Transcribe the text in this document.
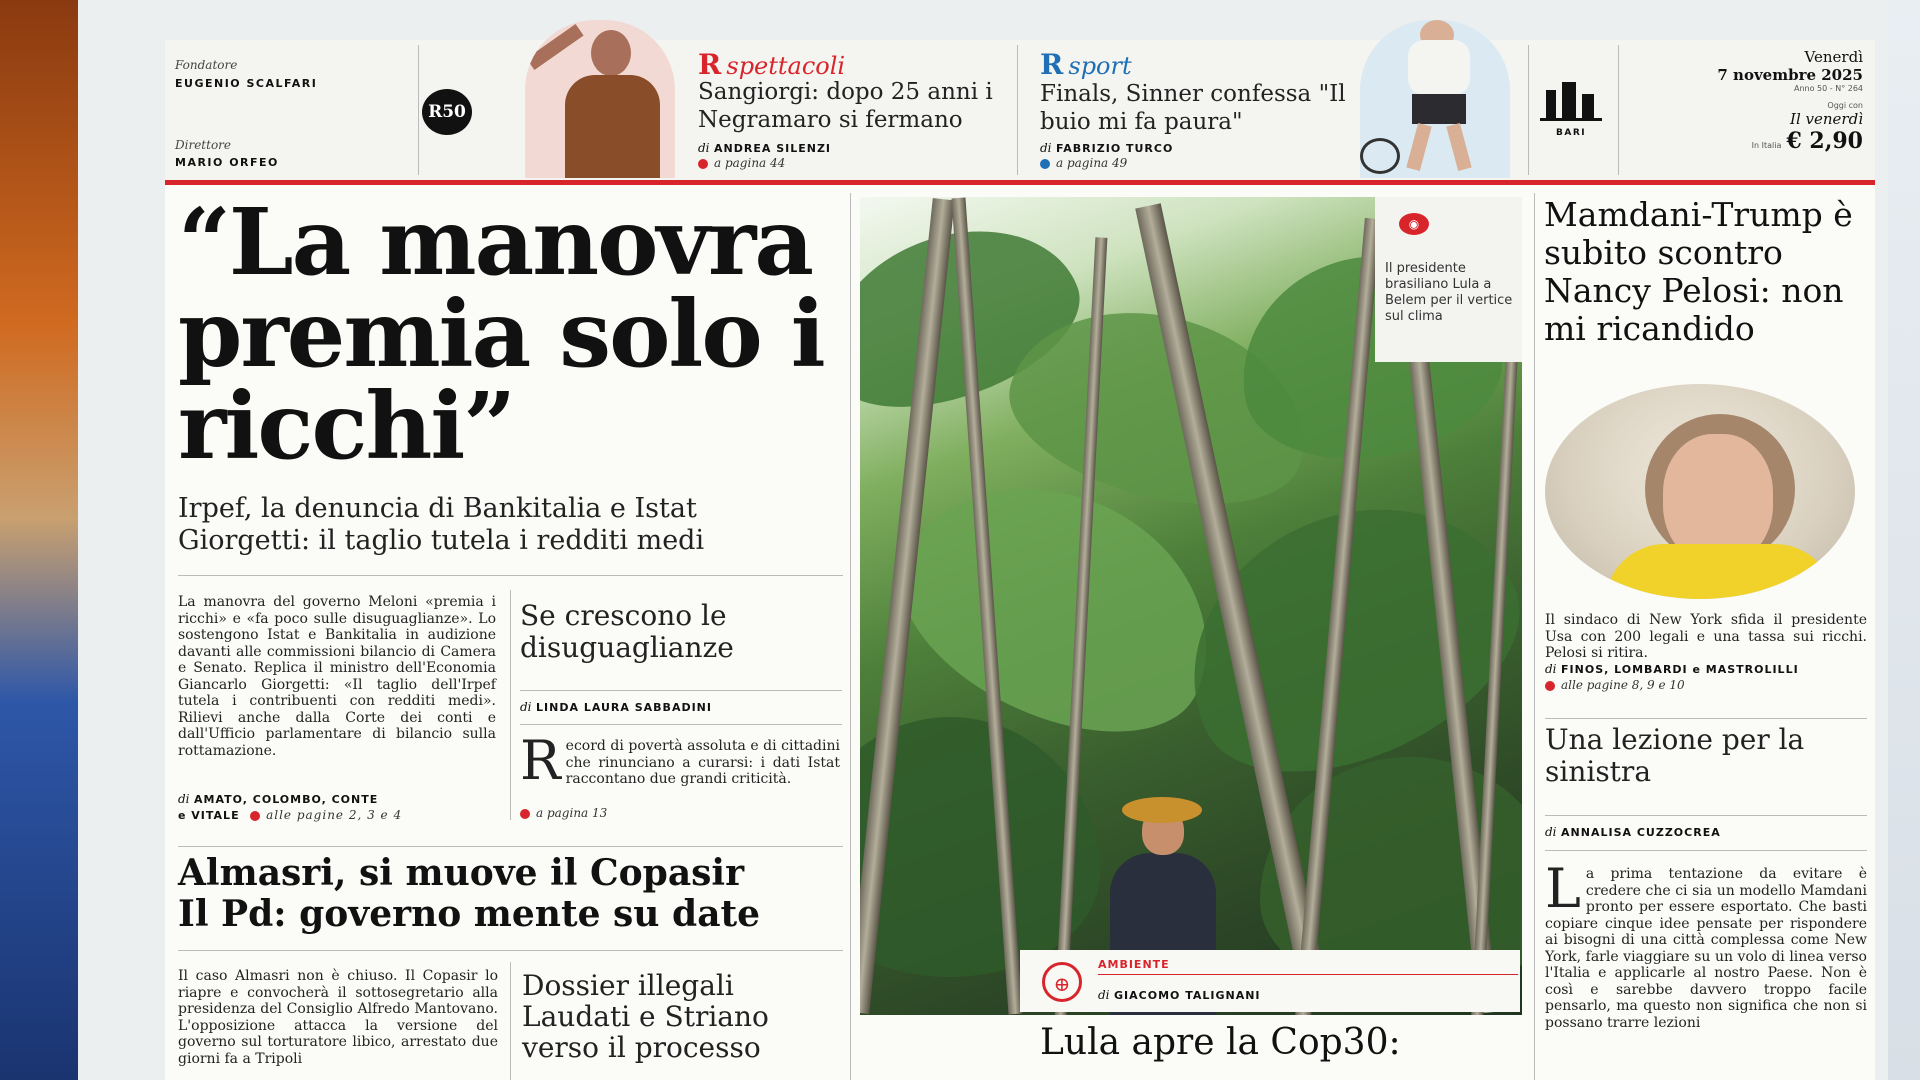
Fondatore
EUGENIO SCALFARI
Direttore
MARIO ORFEO
R50
R spettacoli
Sangiorgi: dopo 25 anni i Negramaro si fermano
di ANDREA SILENZI
a pagina 44
R sport
Finals, Sinner confessa "Il buio mi fa paura"
di FABRIZIO TURCO
a pagina 49
BARI
Venerdì
7 novembre 2025
Anno 50 - N° 264
Oggi con
Il venerdì
In Italia € 2,90
“La manovra premia solo i ricchi”
Irpef, la denuncia di Bankitalia e Istat
Giorgetti: il taglio tutela i redditi medi
La manovra del governo Meloni «premia i ricchi» e «fa poco sulle disuguaglianze». Lo sostengono Istat e Bankitalia in audizione davanti alle commissioni bilancio di Camera e Senato. Replica il ministro dell'Economia Giancarlo Giorgetti: «Il taglio dell'Irpef tutela i contribuenti con redditi medi». Rilievi anche dalla Corte dei conti e dall'Ufficio parlamentare di bilancio sulla rottamazione.
di AMATO, COLOMBO, CONTE
e VITALE alle pagine 2, 3 e 4
Se crescono le disuguaglianze
di LINDA LAURA SABBADINI
Record di povertà assoluta e di cittadini che rinunciano a curarsi: i dati Istat raccontano due grandi criticità.
a pagina 13
Almasri, si muove il Copasir
Il Pd: governo mente su date
Il caso Almasri non è chiuso. Il Copasir lo riapre e convocherà il sottosegretario alla presidenza del Consiglio Alfredo Mantovano. L'opposizione attacca la versione del governo sul torturatore libico, arrestato due giorni fa a Tripoli
Dossier illegali Laudati e Striano verso il processo
◉
Il presidente brasiliano Lula a Belem per il vertice sul clima
⊕
AMBIENTE
di GIACOMO TALIGNANI
Lula apre la Cop30:
Mamdani-Trump è subito scontro Nancy Pelosi: non mi ricandido
Il sindaco di New York sfida il presidente Usa con 200 legali e una tassa sui ricchi. Pelosi si ritira.
di FINOS, LOMBARDI e MASTROLILLI
alle pagine 8, 9 e 10
Una lezione per la sinistra
di ANNALISA CUZZOCREA
La prima tentazione da evitare è credere che ci sia un modello Mamdani pronto per essere esportato. Che basti copiare cinque idee pensate per rispondere ai bisogni di una città complessa come New York, farle viaggiare su un volo di linea verso l'Italia e applicarle al nostro Paese. Non è così e sarebbe davvero troppo facile pensarlo, ma questo non significa che non si possano trarre lezioni
